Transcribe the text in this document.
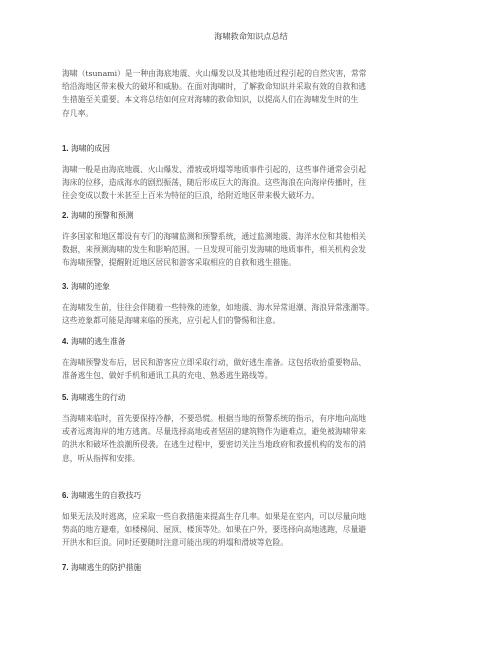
海啸救命知识点总结

海啸（tsunami）是一种由海底地震、火山爆发以及其他地质过程引起的自然灾害，常常
给沿海地区带来极大的破坏和威胁。在面对海啸时，了解救命知识并采取有效的自救和逃
生措施至关重要。本文将总结如何应对海啸的救命知识，以提高人们在海啸发生时的生
存几率。

1. 海啸的成因

海啸一般是由海底地震、火山爆发、滑坡或坍塌等地质事件引起的，这些事件通常会引起
海床的位移，造成海水的剧烈振荡，随后形成巨大的海浪。这些海浪在向海岸传播时，往
往会变成以数十米甚至上百米为特征的巨浪，给附近地区带来极大破坏力。

2. 海啸的预警和预测

许多国家和地区都设有专门的海啸监测和预警系统，通过监测地震、海洋水位和其他相关
数据，来预测海啸的发生和影响范围。一旦发现可能引发海啸的地质事件，相关机构会发
布海啸预警，提醒附近地区居民和游客采取相应的自救和逃生措施。

3. 海啸的迹象

在海啸发生前，往往会伴随着一些特殊的迹象，如地震、海水异常退潮、海浪异常涨潮等。
这些迹象都可能是海啸来临的预兆，应引起人们的警惕和注意。

4. 海啸的逃生准备

在海啸预警发布后，居民和游客应立即采取行动，做好逃生准备。这包括收拾重要物品、
准备逃生包、做好手机和通讯工具的充电、熟悉逃生路线等。

5. 海啸逃生的行动

当海啸来临时，首先要保持冷静，不要恐慌。根据当地的预警系统的指示，有序地向高地
或者远离海岸的地方逃离。尽量选择高地或者坚固的建筑物作为避难点，避免被海啸带来
的洪水和破坏性浪潮所侵袭。在逃生过程中，要密切关注当地政府和救援机构的发布的消
息，听从指挥和安排。

6. 海啸逃生的自救技巧

如果无法及时逃离，应采取一些自救措施来提高生存几率。如果是在室内，可以尽量向地
势高的地方避难，如楼梯间、屋顶、楼顶等处。如果在户外，要选择向高地逃跑，尽量避
开洪水和巨浪。同时还要随时注意可能出现的坍塌和滑坡等危险。

7. 海啸逃生的防护措施
